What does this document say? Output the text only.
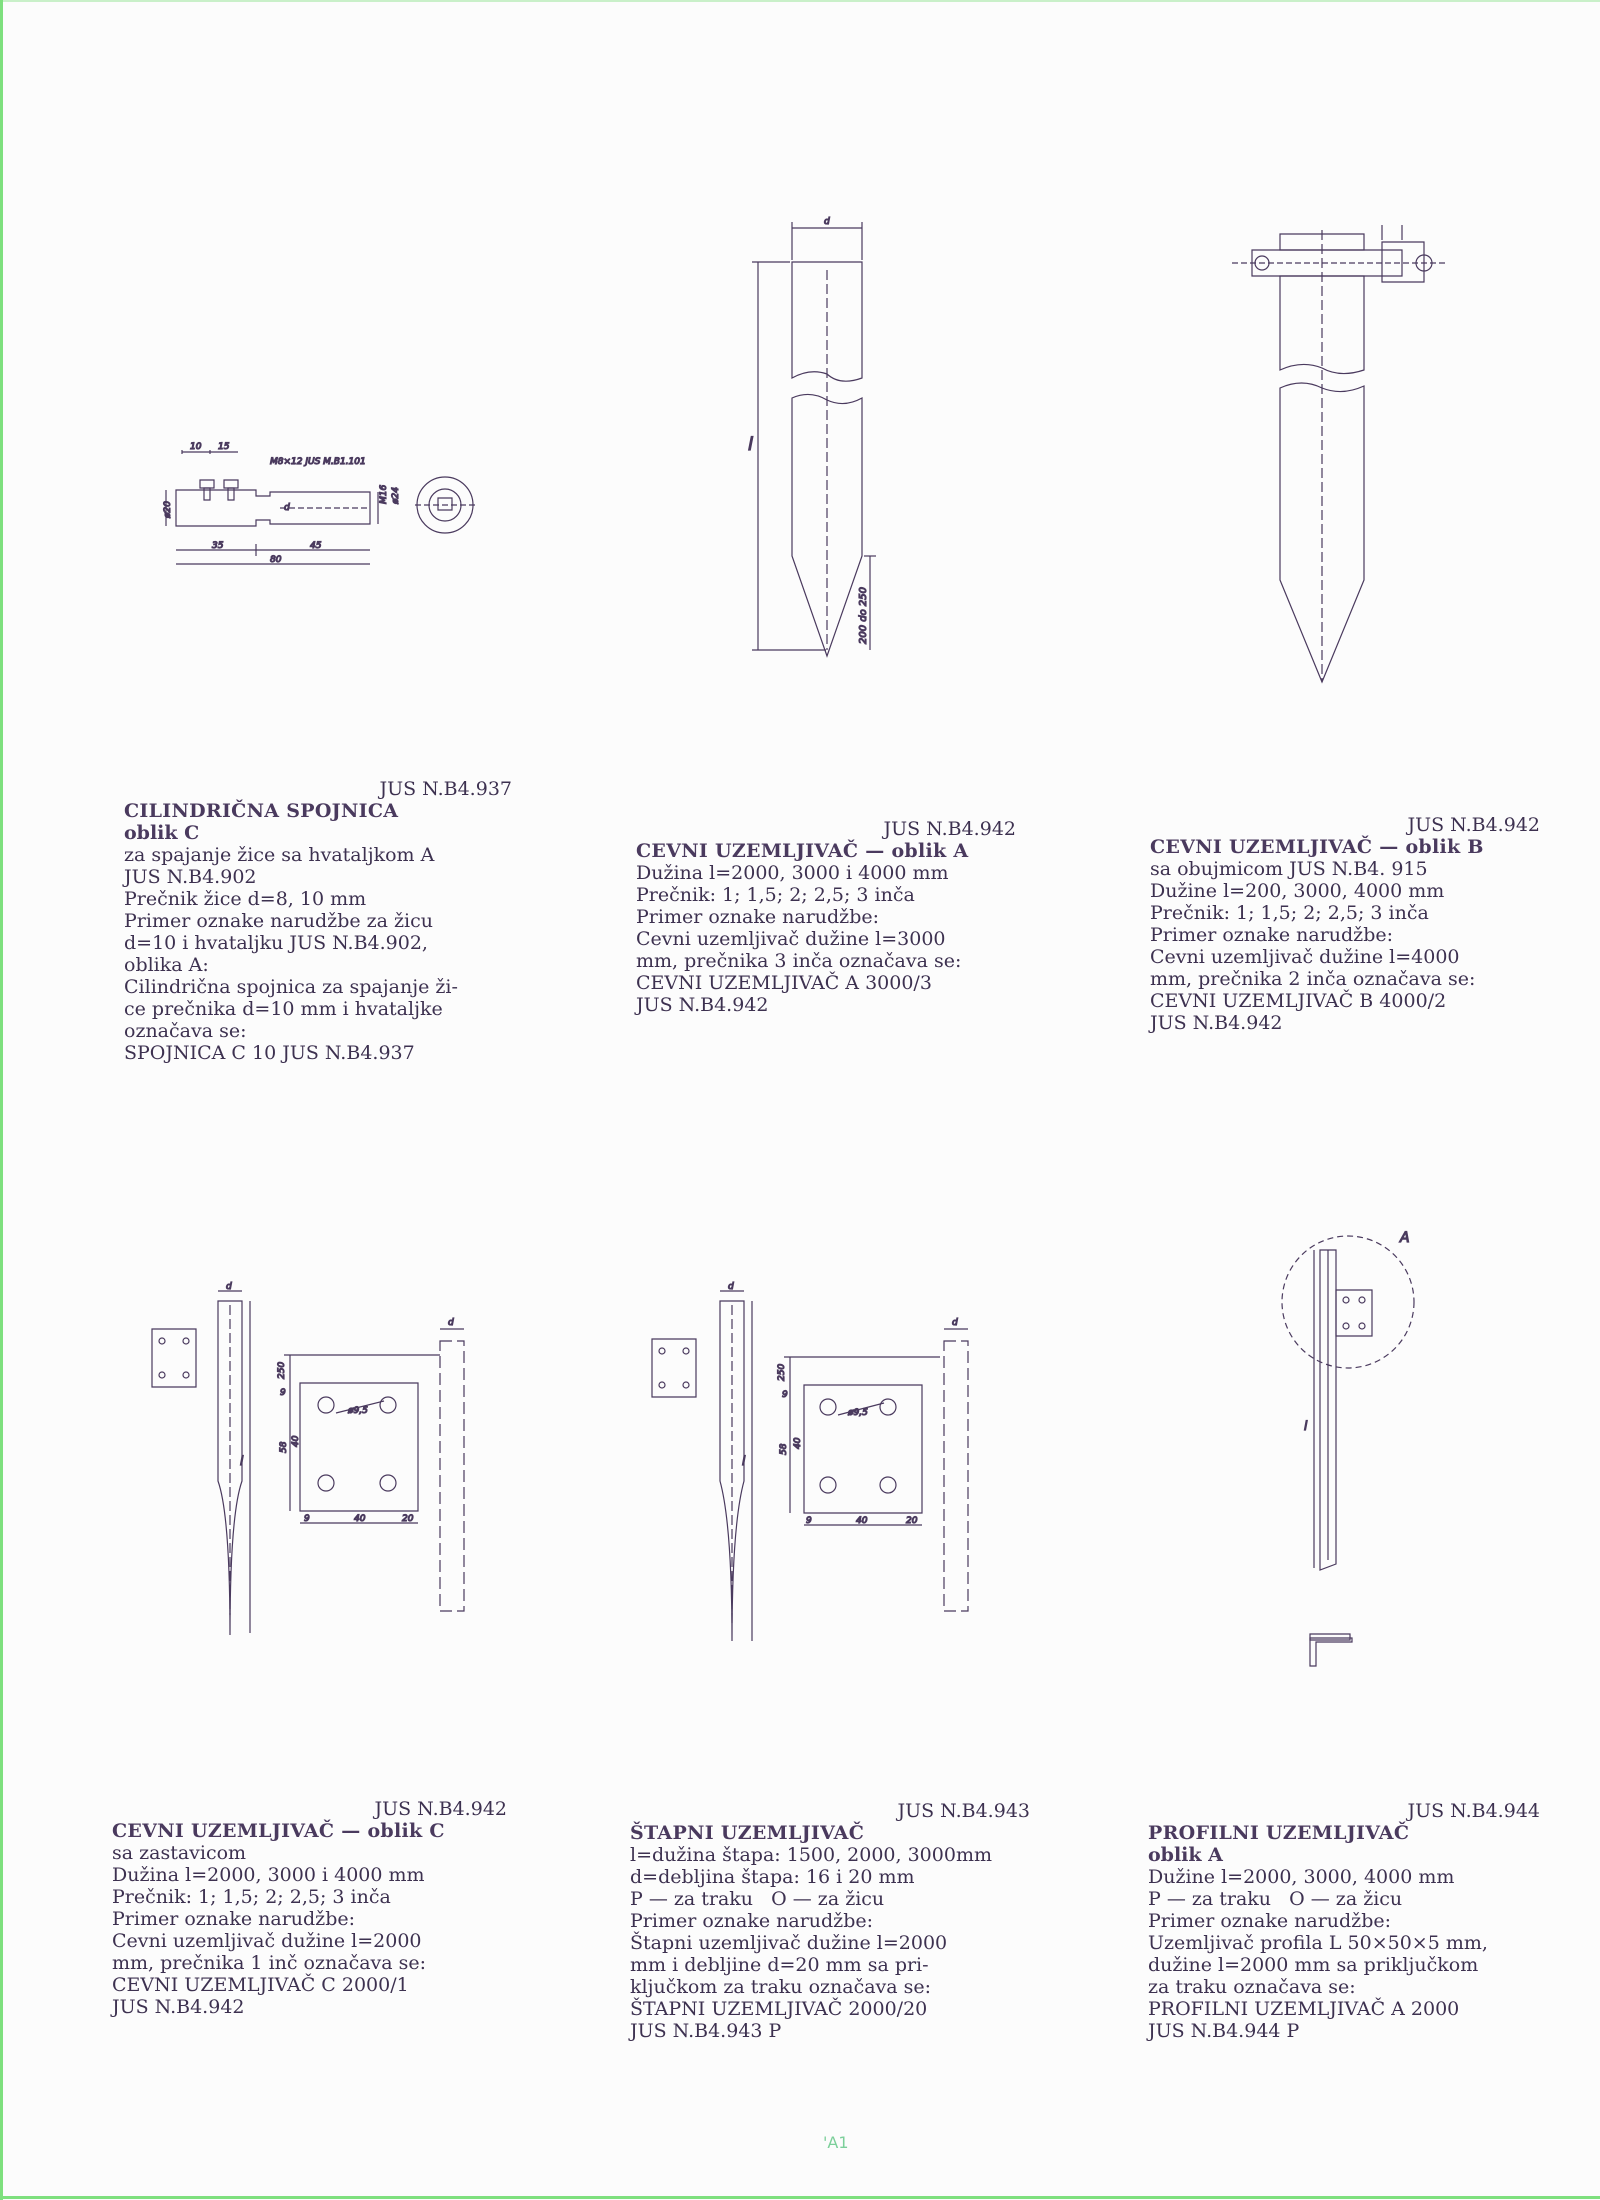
10 15
M8×12 JUS M.B1.101
ø20	d
M16 ø24
35	45
80
d
l
200 do 250
d
l
ø9,5
250
9
58
40
9	40	20
d
d
l
ø9,5
250
9
58
40
9	40	20
d
A
l
JUS N.B4.937
CILINDRIČNA SPOJNICA
oblik C
za spajanje žice sa hvataljkom A
JUS N.B4.902
Prečnik žice d=8, 10 mm
Primer oznake narudžbe za žicu
d=10 i hvataljku JUS N.B4.902,
oblika A:
Cilindrična spojnica za spajanje ži-
ce prečnika d=10 mm i hvataljke
označava se:
SPOJNICA C 10 JUS N.B4.937
JUS N.B4.942
CEVNI UZEMLJIVAČ — oblik A
Dužina l=2000, 3000 i 4000 mm
Prečnik: 1; 1,5; 2; 2,5; 3 inča
Primer oznake narudžbe:
Cevni uzemljivač dužine l=3000
mm, prečnika 3 inča označava se:
CEVNI UZEMLJIVAČ A 3000/3
JUS N.B4.942
JUS N.B4.942
CEVNI UZEMLJIVAČ — oblik B
sa obujmicom JUS N.B4. 915
Dužine l=200, 3000, 4000 mm
Prečnik: 1; 1,5; 2; 2,5; 3 inča
Primer oznake narudžbe:
Cevni uzemljivač dužine l=4000
mm, prečnika 2 inča označava se:
CEVNI UZEMLJIVAČ B 4000/2
JUS N.B4.942
JUS N.B4.942
CEVNI UZEMLJIVAČ — oblik C
sa zastavicom
Dužina l=2000, 3000 i 4000 mm
Prečnik: 1; 1,5; 2; 2,5; 3 inča
Primer oznake narudžbe:
Cevni uzemljivač dužine l=2000
mm, prečnika 1 inč označava se:
CEVNI UZEMLJIVAČ C 2000/1
JUS N.B4.942
JUS N.B4.943
ŠTAPNI UZEMLJIVAČ
l=dužina štapa: 1500, 2000, 3000mm
d=debljina štapa: 16 i 20 mm
P — za traku   O — za žicu
Primer oznake narudžbe:
Štapni uzemljivač dužine l=2000
mm i debljine d=20 mm sa pri-
ključkom za traku označava se:
ŠTAPNI UZEMLJIVAČ 2000/20
JUS N.B4.943 P
JUS N.B4.944
PROFILNI UZEMLJIVAČ
oblik A
Dužine l=2000, 3000, 4000 mm
P — za traku   O — za žicu
Primer oznake narudžbe:
Uzemljivač profila L 50×50×5 mm,
dužine l=2000 mm sa priključkom
za traku označava se:
PROFILNI UZEMLJIVAČ A 2000
JUS N.B4.944 P
'A1
